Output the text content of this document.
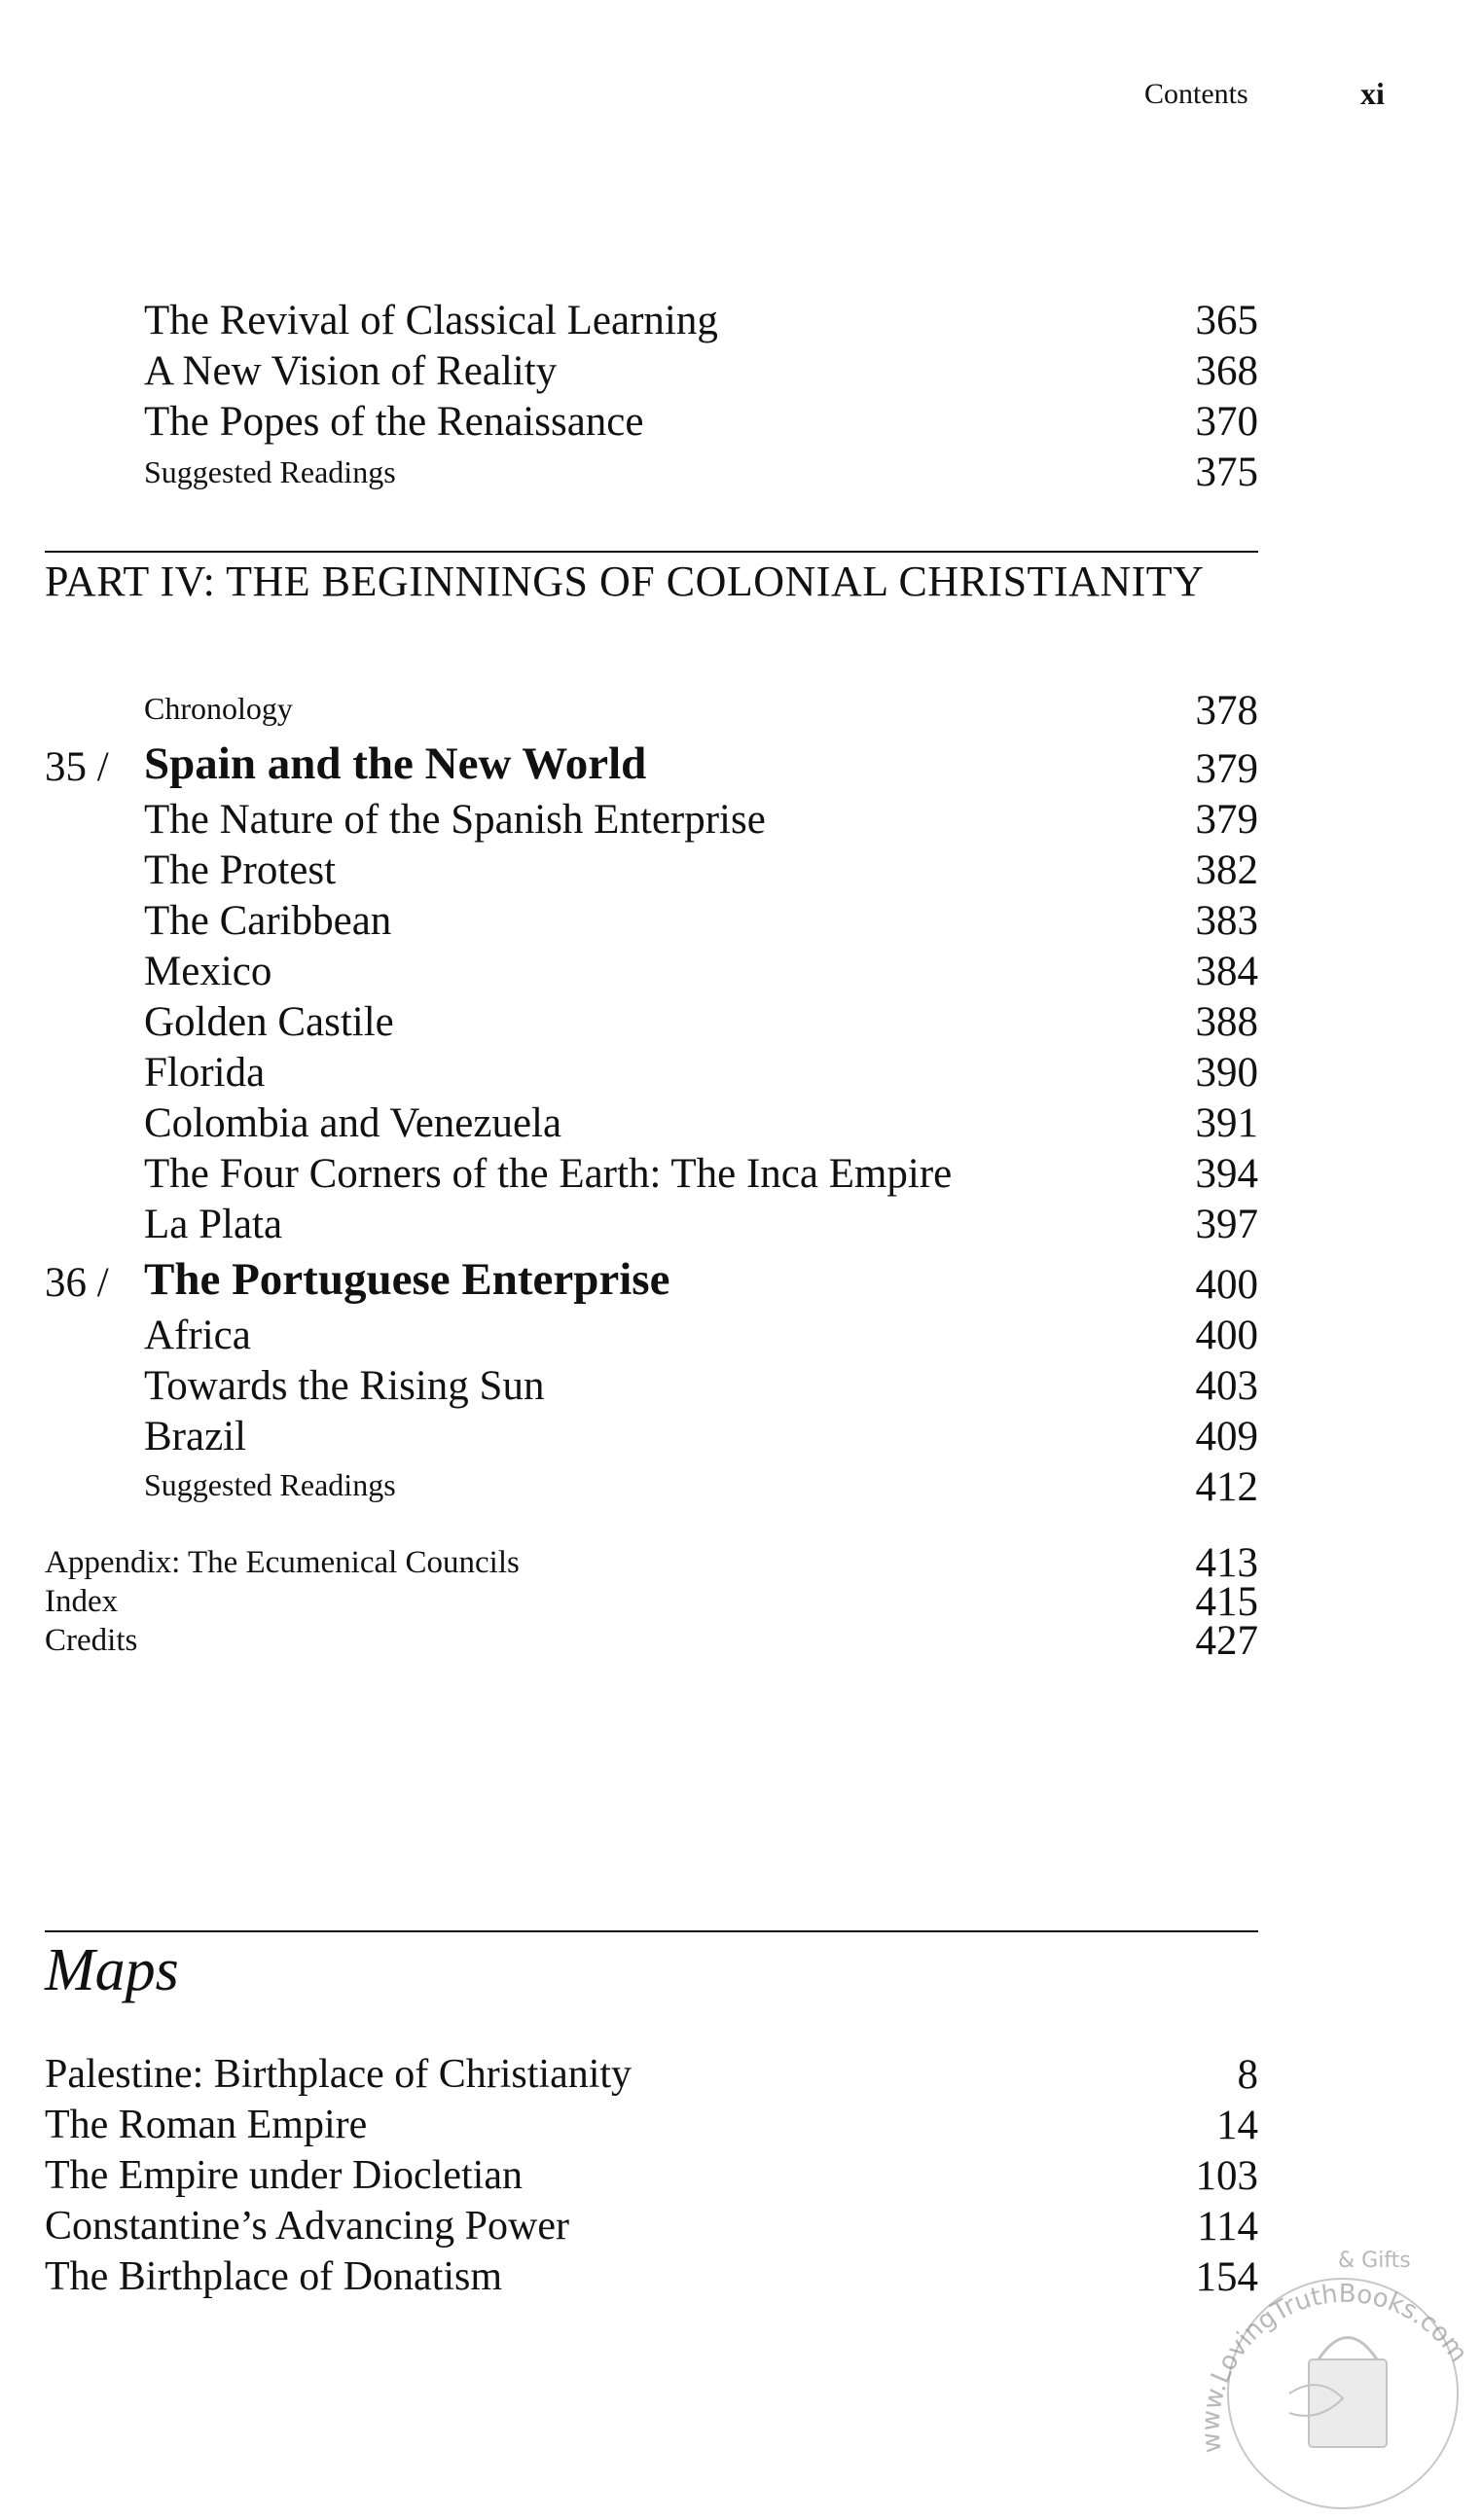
Contents	xi
The Revival of Classical Learning	365
A New Vision of Reality	368
The Popes of the Renaissance	370
Suggested Readings	375
PART IV: THE BEGINNINGS OF COLONIAL CHRISTIANITY
Chronology	378
35 / Spain and the New World	379
The Nature of the Spanish Enterprise	379
The Protest	382
The Caribbean	383
Mexico	384
Golden Castile	388
Florida	390
Colombia and Venezuela	391
The Four Corners of the Earth: The Inca Empire	394
La Plata	397
36 / The Portuguese Enterprise	400
Africa	400
Towards the Rising Sun	403
Brazil	409
Suggested Readings	412
Appendix: The Ecumenical Councils	413
Index	415
Credits	427
Maps
Palestine: Birthplace of Christianity	8
The Roman Empire	14
The Empire under Diocletian	103
Constantine’s Advancing Power	114
The Birthplace of Donatism	154
www.LovingTruthBooks.com
& Gifts
